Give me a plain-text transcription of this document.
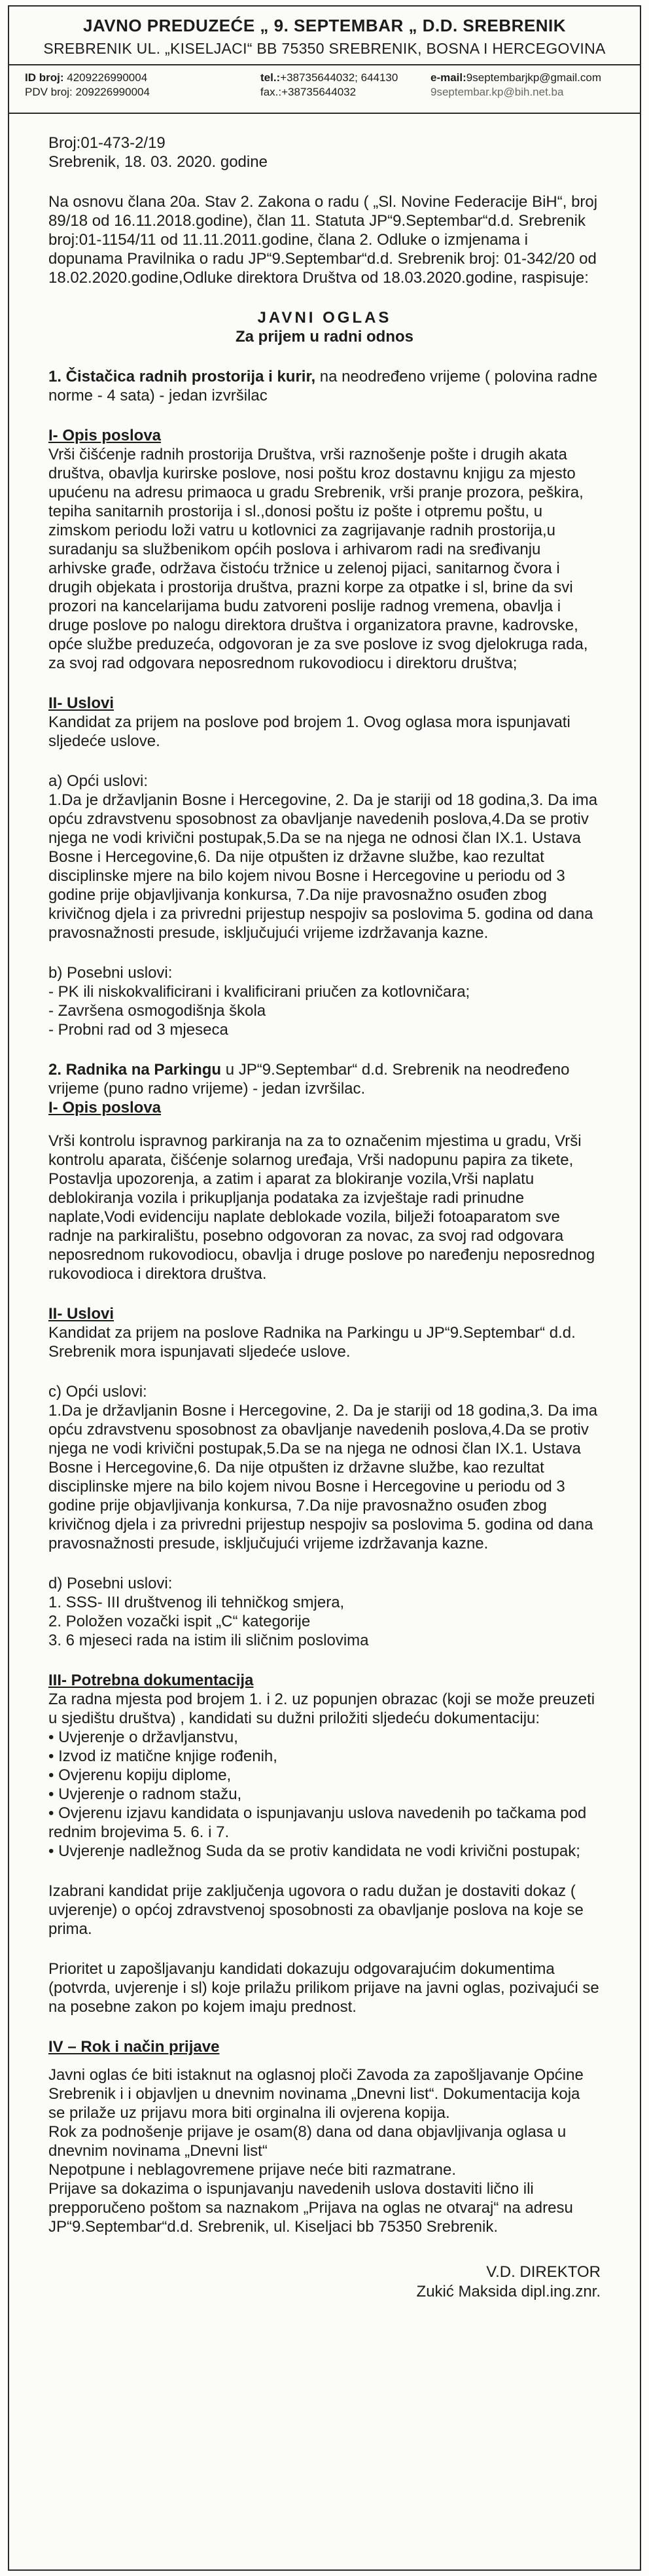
JAVNO PREDUZEĆE „ 9. SEPTEMBAR „ D.D. SREBRENIK
SREBRENIK UL. „KISELJACI“ BB 75350 SREBRENIK, BOSNA I HERCEGOVINA
ID broj: 4209226990004
PDV broj: 209226990004
tel.:+38735644032; 644130
fax.:+38735644032
e-mail:9septembarjkp@gmail.com
9septembar.kp@bih.net.ba
Broj:01-473-2/19
Srebrenik, 18. 03. 2020. godine
Na osnovu člana 20a. Stav 2. Zakona o radu ( „Sl. Novine Federacije BiH“, broj 89/18 od 16.11.2018.godine), član 11. Statuta JP“9.Septembar“d.d. Srebrenik broj:01-1154/11 od 11.11.2011.godine, člana 2. Odluke o izmjenama i dopunama Pravilnika o radu JP“9.Septembar“d.d. Srebrenik broj: 01-342/20 od 18.02.2020.godine,Odluke direktora Društva od 18.03.2020.godine, raspisuje:
JAVNI OGLAS
Za prijem u radni odnos
1. Čistačica radnih prostorija i kurir, na neodređeno vrijeme ( polovina radne norme - 4 sata) - jedan izvršilac
I- Opis poslova
Vrši čišćenje radnih prostorija Društva, vrši raznošenje pošte i drugih akata društva, obavlja kurirske poslove, nosi poštu kroz dostavnu knjigu za mjesto upućenu na adresu primaoca u gradu Srebrenik, vrši pranje prozora, peškira, tepiha sanitarnih prostorija i sl.,donosi poštu iz pošte i otpremu poštu, u zimskom periodu loži vatru u kotlovnici za zagrijavanje radnih prostorija,u suradanju sa službenikom općih poslova i arhivarom radi na sređivanju arhivske građe, održava čistoću tržnice u zelenoj pijaci, sanitarnog čvora i drugih objekata i prostorija društva, prazni korpe za otpatke i sl, brine da svi prozori na kancelarijama budu zatvoreni poslije radnog vremena, obavlja i druge poslove po nalogu direktora društva i organizatora pravne, kadrovske, opće službe preduzeća, odgovoran je za sve poslove iz svog djelokruga rada, za svoj rad odgovara neposrednom rukovodiocu i direktoru društva;
II- Uslovi
Kandidat za prijem na poslove pod brojem 1. Ovog oglasa mora ispunjavati sljedeće uslove.
a) Opći uslovi:
1.Da je državljanin Bosne i Hercegovine, 2. Da je stariji od 18 godina,3. Da ima opću zdravstvenu sposobnost za obavljanje navedenih poslova,4.Da se protiv njega ne vodi krivični postupak,5.Da se na njega ne odnosi član IX.1. Ustava Bosne i Hercegovine,6. Da nije otpušten iz državne službe, kao rezultat disciplinske mjere na bilo kojem nivou Bosne i Hercegovine u periodu od 3 godine prije objavljivanja konkursa, 7.Da nije pravosnažno osuđen zbog krivičnog djela i za privredni prijestup nespojiv sa poslovima 5. godina od dana pravosnažnosti presude, isključujući vrijeme izdržavanja kazne.
b) Posebni uslovi:
- PK ili niskokvalificirani i kvalificirani priučen za kotlovničara;
- Završena osmogodišnja škola
- Probni rad od 3 mjeseca
2. Radnika na Parkingu u JP“9.Septembar“ d.d. Srebrenik na neodređeno vrijeme (puno radno vrijeme) - jedan izvršilac.
I- Opis poslova
Vrši kontrolu ispravnog parkiranja na za to označenim mjestima u gradu, Vrši kontrolu aparata, čišćenje solarnog uređaja, Vrši nadopunu papira za tikete, Postavlja upozorenja, a zatim i aparat za blokiranje vozila,Vrši naplatu deblokiranja vozila i prikupljanja podataka za izvještaje radi prinudne naplate,Vodi evidenciju naplate deblokade vozila, bilježi fotoaparatom sve radnje na parkiralištu, posebno odgovoran za novac, za svoj rad odgovara neposrednom rukovodiocu, obavlja i druge poslove po naređenju neposrednog rukovodioca i direktora društva.
II- Uslovi
Kandidat za prijem na poslove Radnika na Parkingu u JP“9.Septembar“ d.d. Srebrenik mora ispunjavati sljedeće uslove.
c) Opći uslovi:
1.Da je državljanin Bosne i Hercegovine, 2. Da je stariji od 18 godina,3. Da ima opću zdravstvenu sposobnost za obavljanje navedenih poslova,4.Da se protiv njega ne vodi krivični postupak,5.Da se na njega ne odnosi član IX.1. Ustava Bosne i Hercegovine,6. Da nije otpušten iz državne službe, kao rezultat disciplinske mjere na bilo kojem nivou Bosne i Hercegovine u periodu od 3 godine prije objavljivanja konkursa, 7.Da nije pravosnažno osuđen zbog krivičnog djela i za privredni prijestup nespojiv sa poslovima 5. godina od dana pravosnažnosti presude, isključujući vrijeme izdržavanja kazne.
d) Posebni uslovi:
1. SSS- III društvenog ili tehničkog smjera,
2. Položen vozački ispit „C“ kategorije
3. 6 mjeseci rada na istim ili sličnim poslovima
III- Potrebna dokumentacija
Za radna mjesta pod brojem 1. i 2. uz popunjen obrazac (koji se može preuzeti u sjedištu društva) , kandidati su dužni priložiti sljedeću dokumentaciju:
• Uvjerenje o državljanstvu,
• Izvod iz matične knjige rođenih,
• Ovjerenu kopiju diplome,
• Uvjerenje o radnom stažu,
• Ovjerenu izjavu kandidata o ispunjavanju uslova navedenih po tačkama pod rednim brojevima 5. 6. i 7.
• Uvjerenje nadležnog Suda da se protiv kandidata ne vodi krivični postupak;
Izabrani kandidat prije zaključenja ugovora o radu dužan je dostaviti dokaz ( uvjerenje) o općoj zdravstvenoj sposobnosti za obavljanje poslova na koje se prima.
Prioritet u zapošljavanju kandidati dokazuju odgovarajućim dokumentima (potvrda, uvjerenje i sl) koje prilažu prilikom prijave na javni oglas, pozivajući se na posebne zakon po kojem imaju prednost.
IV – Rok i način prijave
Javni oglas će biti istaknut na oglasnoj ploči Zavoda za zapošljavanje Općine Srebrenik i i objavljen u dnevnim novinama „Dnevni list“. Dokumentacija koja se prilaže uz prijavu mora biti orginalna ili ovjerena kopija.
Rok za podnošenje prijave je osam(8) dana od dana objavljivanja oglasa u dnevnim novinama „Dnevni list“
Nepotpune i neblagovremene prijave neće biti razmatrane.
Prijave sa dokazima o ispunjavanju navedenih uslova dostaviti lično ili prepporučeno poštom sa naznakom „Prijava na oglas ne otvaraj“ na adresu JP“9.Septembar“d.d. Srebrenik, ul. Kiseljaci bb 75350 Srebrenik.
V.D. DIREKTOR
Zukić Maksida dipl.ing.znr.
